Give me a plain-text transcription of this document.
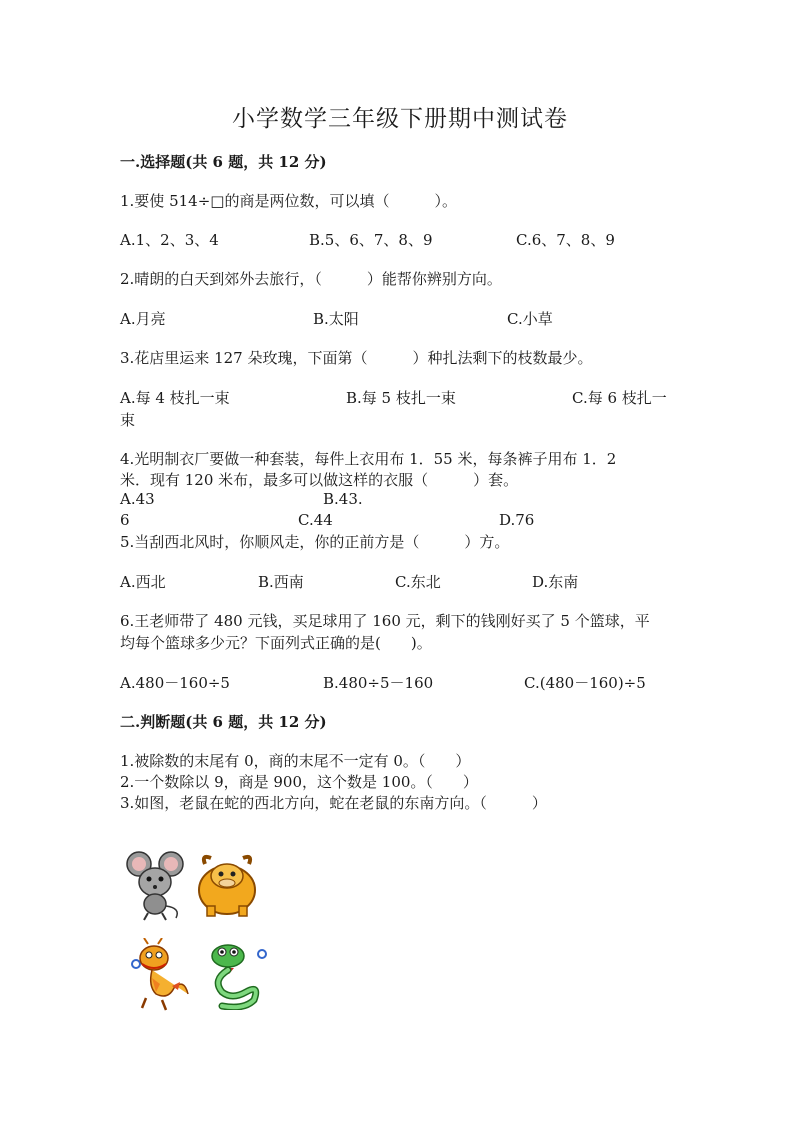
小学数学三年级下册期中测试卷
一.选择题(共 6 题，共 12 分)
1.要使 514÷□的商是两位数，可以填（　　　）。
A.1、2、3、4	B.5、6、7、8、9	C.6、7、8、9
2.晴朗的白天到郊外去旅行，（　　　）能帮你辨别方向。
A.月亮	B.太阳	C.小草
3.花店里运来 127 朵玫瑰，下面第（　　　）种扎法剩下的枝数最少。
A.每 4 枝扎一束	B.每 5 枝扎一束	C.每 6 枝扎一
束
4.光明制衣厂要做一种套装，每件上衣用布 1．55 米，每条裤子用布 1．2
米．现有 120 米布，最多可以做这样的衣服（　　　）套。
A.43	B.43.
6	C.44	D.76
5.当刮西北风时，你顺风走，你的正前方是（　　　）方。
A.西北	B.西南	C.东北	D.东南
6.王老师带了 480 元钱，买足球用了 160 元，剩下的钱刚好买了 5 个篮球，平
均每个篮球多少元？下面列式正确的是(　　)。
A.480－160÷5	B.480÷5－160	C.(480－160)÷5
二.判断题(共 6 题，共 12 分)
1.被除数的末尾有 0，商的末尾不一定有 0。（　　）
2.一个数除以 9，商是 900，这个数是 100。（　　）
3.如图，老鼠在蛇的西北方向，蛇在老鼠的东南方向。（　　　）
